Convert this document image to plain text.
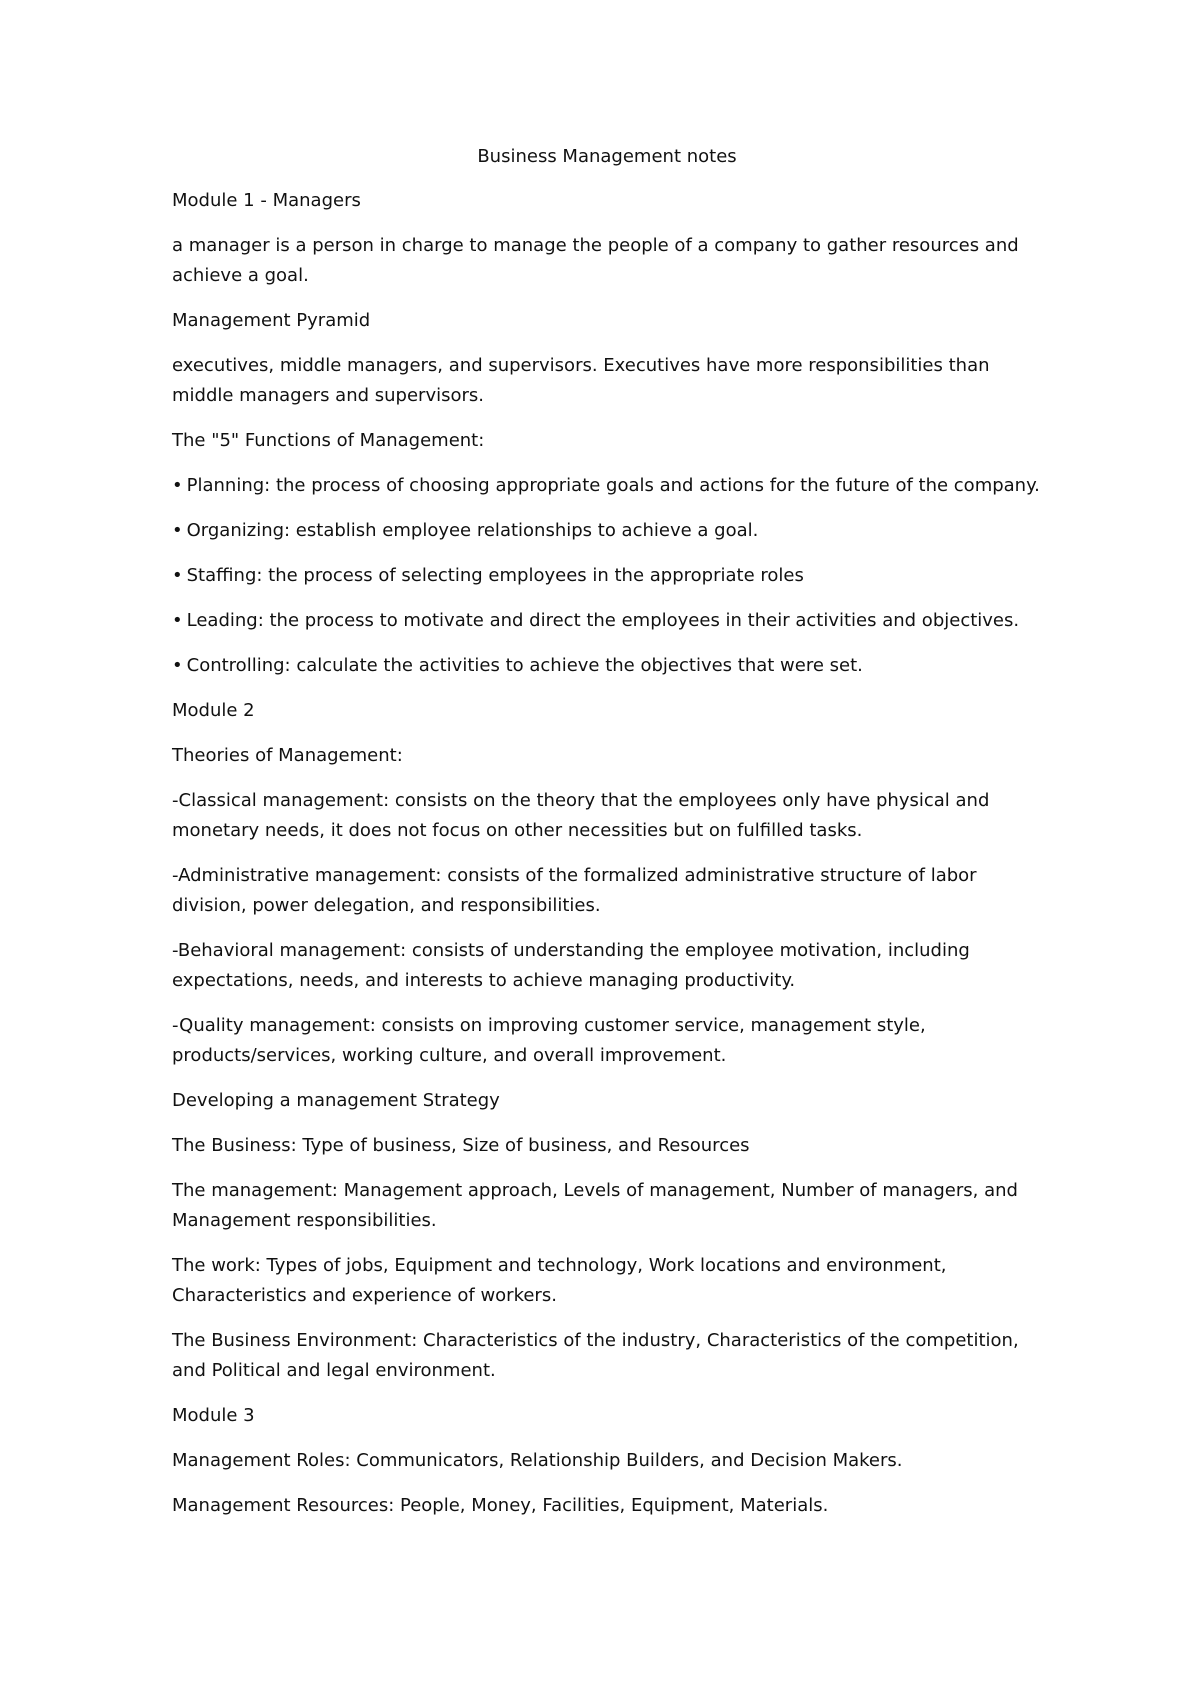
Business Management notes

Module 1 - Managers

a manager is a person in charge to manage the people of a company to gather resources and achieve a goal.

Management Pyramid

executives, middle managers, and supervisors. Executives have more responsibilities than middle managers and supervisors.

The "5" Functions of Management:

• Planning: the process of choosing appropriate goals and actions for the future of the company.

• Organizing: establish employee relationships to achieve a goal.

• Staffing: the process of selecting employees in the appropriate roles

• Leading: the process to motivate and direct the employees in their activities and objectives.

• Controlling: calculate the activities to achieve the objectives that were set.

Module 2

Theories of Management:

-Classical management: consists on the theory that the employees only have physical and monetary needs, it does not focus on other necessities but on fulfilled tasks.

-Administrative management: consists of the formalized administrative structure of labor division, power delegation, and responsibilities.

-Behavioral management: consists of understanding the employee motivation, including expectations, needs, and interests to achieve managing productivity.

-Quality management: consists on improving customer service, management style, products/services, working culture, and overall improvement.

Developing a management Strategy

The Business: Type of business, Size of business, and Resources

The management: Management approach, Levels of management, Number of managers, and Management responsibilities.

The work: Types of jobs, Equipment and technology, Work locations and environment, Characteristics and experience of workers.

The Business Environment: Characteristics of the industry, Characteristics of the competition, and Political and legal environment.

Module 3

Management Roles: Communicators, Relationship Builders, and Decision Makers.

Management Resources: People, Money, Facilities, Equipment, Materials.
